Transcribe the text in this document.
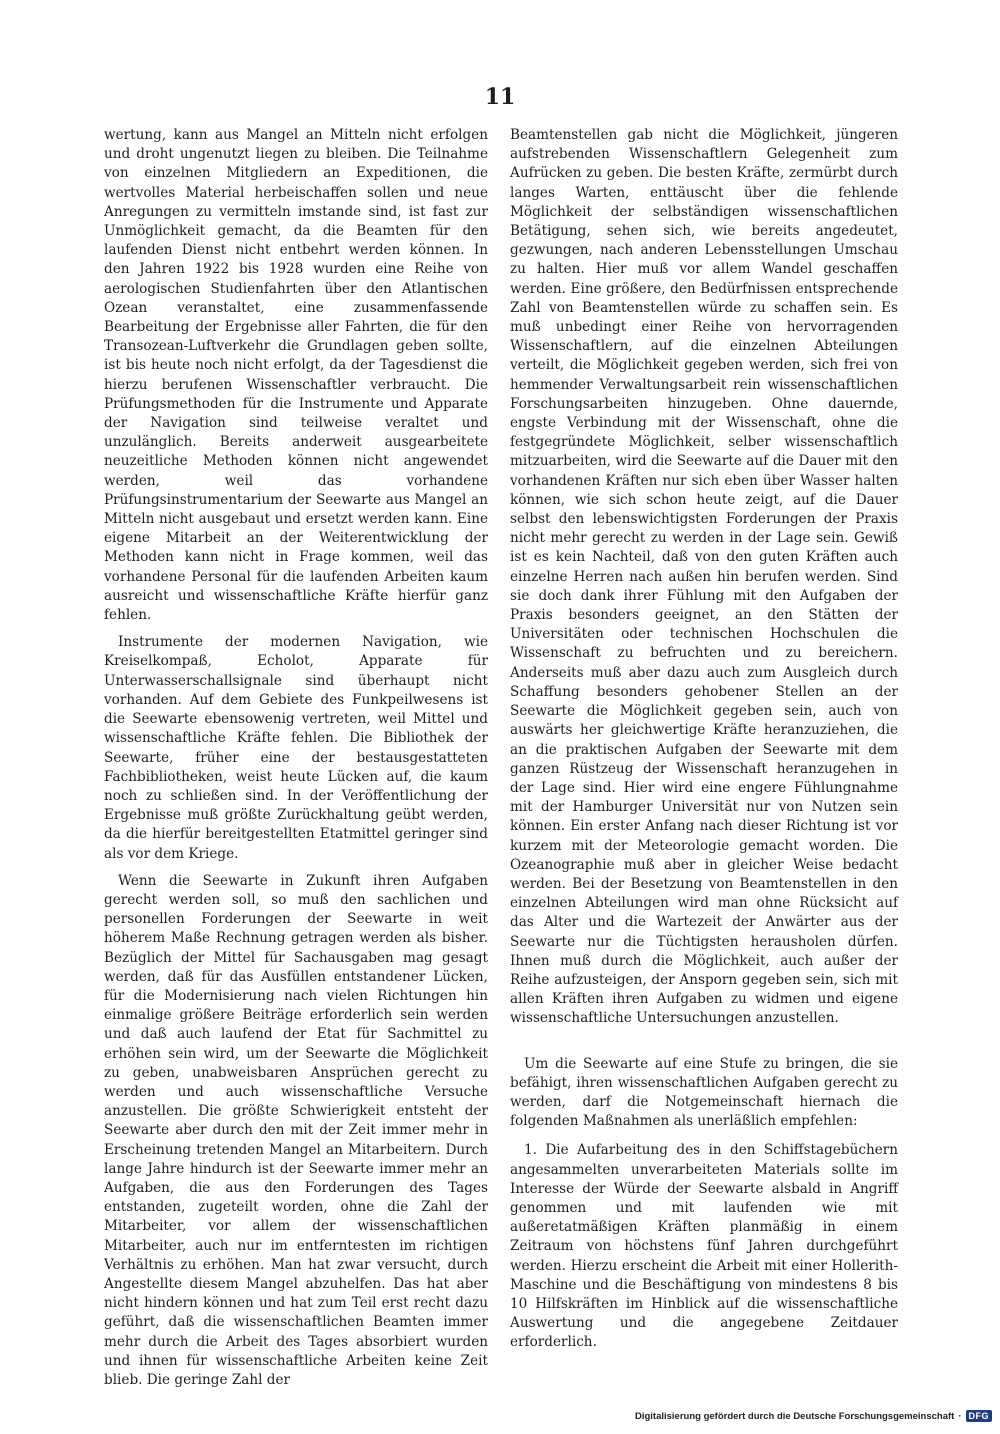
11

wertung, kann aus Mangel an Mitteln nicht erfolgen und droht ungenutzt liegen zu bleiben. Die Teilnahme von einzelnen Mitgliedern an Expeditionen, die wertvolles Material herbeischaffen sollen und neue Anregungen zu vermitteln imstande sind, ist fast zur Unmöglichkeit gemacht, da die Beamten für den laufenden Dienst nicht entbehrt werden können. In den Jahren 1922 bis 1928 wurden eine Reihe von aerologischen Studienfahrten über den Atlantischen Ozean veranstaltet, eine zusammenfassende Bearbeitung der Ergebnisse aller Fahrten, die für den Transozean-Luftverkehr die Grundlagen geben sollte, ist bis heute noch nicht erfolgt, da der Tagesdienst die hierzu berufenen Wissenschaftler verbraucht. Die Prüfungsmethoden für die Instrumente und Apparate der Navigation sind teilweise veraltet und unzulänglich. Bereits anderweit ausgearbeitete neuzeitliche Methoden können nicht angewendet werden, weil das vorhandene Prüfungsinstrumentarium der Seewarte aus Mangel an Mitteln nicht ausgebaut und ersetzt werden kann. Eine eigene Mitarbeit an der Weiterentwicklung der Methoden kann nicht in Frage kommen, weil das vorhandene Personal für die laufenden Arbeiten kaum ausreicht und wissenschaftliche Kräfte hierfür ganz fehlen.

Instrumente der modernen Navigation, wie Kreiselkompaß, Echolot, Apparate für Unterwasserschallsignale sind überhaupt nicht vorhanden. Auf dem Gebiete des Funkpeilwesens ist die Seewarte ebensowenig vertreten, weil Mittel und wissenschaftliche Kräfte fehlen. Die Bibliothek der Seewarte, früher eine der bestausgestatteten Fachbibliotheken, weist heute Lücken auf, die kaum noch zu schließen sind. In der Veröffentlichung der Ergebnisse muß größte Zurückhaltung geübt werden, da die hierfür bereitgestellten Etatmittel geringer sind als vor dem Kriege.

Wenn die Seewarte in Zukunft ihren Aufgaben gerecht werden soll, so muß den sachlichen und personellen Forderungen der Seewarte in weit höherem Maße Rechnung getragen werden als bisher. Bezüglich der Mittel für Sachausgaben mag gesagt werden, daß für das Ausfüllen entstandener Lücken, für die Modernisierung nach vielen Richtungen hin einmalige größere Beiträge erforderlich sein werden und daß auch laufend der Etat für Sachmittel zu erhöhen sein wird, um der Seewarte die Möglichkeit zu geben, unabweisbaren Ansprüchen gerecht zu werden und auch wissenschaftliche Versuche anzustellen. Die größte Schwierigkeit entsteht der Seewarte aber durch den mit der Zeit immer mehr in Erscheinung tretenden Mangel an Mitarbeitern. Durch lange Jahre hindurch ist der Seewarte immer mehr an Aufgaben, die aus den Forderungen des Tages entstanden, zugeteilt worden, ohne die Zahl der Mitarbeiter, vor allem der wissenschaftlichen Mitarbeiter, auch nur im entferntesten im richtigen Verhältnis zu erhöhen. Man hat zwar versucht, durch Angestellte diesem Mangel abzuhelfen. Das hat aber nicht hindern können und hat zum Teil erst recht dazu geführt, daß die wissenschaftlichen Beamten immer mehr durch die Arbeit des Tages absorbiert wurden und ihnen für wissenschaftliche Arbeiten keine Zeit blieb. Die geringe Zahl der

Beamtenstellen gab nicht die Möglichkeit, jüngeren aufstrebenden Wissenschaftlern Gelegenheit zum Aufrücken zu geben. Die besten Kräfte, zermürbt durch langes Warten, enttäuscht über die fehlende Möglichkeit der selbständigen wissenschaftlichen Betätigung, sehen sich, wie bereits angedeutet, gezwungen, nach anderen Lebensstellungen Umschau zu halten. Hier muß vor allem Wandel geschaffen werden. Eine größere, den Bedürfnissen entsprechende Zahl von Beamtenstellen würde zu schaffen sein. Es muß unbedingt einer Reihe von hervorragenden Wissenschaftlern, auf die einzelnen Abteilungen verteilt, die Möglichkeit gegeben werden, sich frei von hemmender Verwaltungsarbeit rein wissenschaftlichen Forschungsarbeiten hinzugeben. Ohne dauernde, engste Verbindung mit der Wissenschaft, ohne die festgegründete Möglichkeit, selber wissenschaftlich mitzuarbeiten, wird die Seewarte auf die Dauer mit den vorhandenen Kräften nur sich eben über Wasser halten können, wie sich schon heute zeigt, auf die Dauer selbst den lebenswichtigsten Forderungen der Praxis nicht mehr gerecht zu werden in der Lage sein. Gewiß ist es kein Nachteil, daß von den guten Kräften auch einzelne Herren nach außen hin berufen werden. Sind sie doch dank ihrer Fühlung mit den Aufgaben der Praxis besonders geeignet, an den Stätten der Universitäten oder technischen Hochschulen die Wissenschaft zu befruchten und zu bereichern. Anderseits muß aber dazu auch zum Ausgleich durch Schaffung besonders gehobener Stellen an der Seewarte die Möglichkeit gegeben sein, auch von auswärts her gleichwertige Kräfte heranzuziehen, die an die praktischen Aufgaben der Seewarte mit dem ganzen Rüstzeug der Wissenschaft heranzugehen in der Lage sind. Hier wird eine engere Fühlungnahme mit der Hamburger Universität nur von Nutzen sein können. Ein erster Anfang nach dieser Richtung ist vor kurzem mit der Meteorologie gemacht worden. Die Ozeanographie muß aber in gleicher Weise bedacht werden. Bei der Besetzung von Beamtenstellen in den einzelnen Abteilungen wird man ohne Rücksicht auf das Alter und die Wartezeit der Anwärter aus der Seewarte nur die Tüchtigsten herausholen dürfen. Ihnen muß durch die Möglichkeit, auch außer der Reihe aufzusteigen, der Ansporn gegeben sein, sich mit allen Kräften ihren Aufgaben zu widmen und eigene wissenschaftliche Untersuchungen anzustellen.

Um die Seewarte auf eine Stufe zu bringen, die sie befähigt, ihren wissenschaftlichen Aufgaben gerecht zu werden, darf die Notgemeinschaft hiernach die folgenden Maßnahmen als unerläßlich empfehlen:

1. Die Aufarbeitung des in den Schiffstagebüchern angesammelten unverarbeiteten Materials sollte im Interesse der Würde der Seewarte alsbald in Angriff genommen und mit laufenden wie mit außeretatmäßigen Kräften planmäßig in einem Zeitraum von höchstens fünf Jahren durchgeführt werden. Hierzu erscheint die Arbeit mit einer Hollerith-Maschine und die Beschäftigung von mindestens 8 bis 10 Hilfskräften im Hinblick auf die wissenschaftliche Auswertung und die angegebene Zeitdauer erforderlich.

Digitalisierung gefördert durch die Deutsche Forschungsgemeinschaft · DFG
